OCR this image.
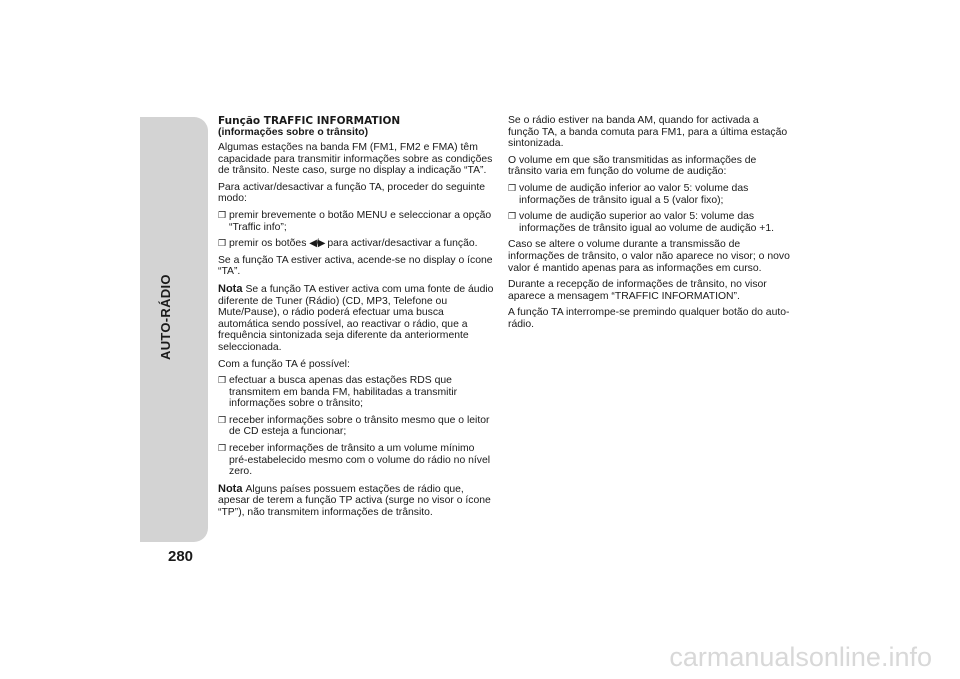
AUTO-RÁDIO
280
Função TRAFFIC INFORMATION
(informações sobre o trânsito)

Algumas estações na banda FM (FM1, FM2 e FMA) têm capacidade para transmitir informações sobre as condições de trânsito. Neste caso, surge no display a indicação “TA”.

Para activar/desactivar a função TA, proceder do seguinte modo:

❒ premir brevemente o botão MENU e seleccionar a opção “Traffic info”;
❒ premir os botões ◀/▶ para activar/desactivar a função.

Se a função TA estiver activa, acende-se no display o ícone “TA”.

Nota Se a função TA estiver activa com uma fonte de áudio diferente de Tuner (Rádio) (CD, MP3, Telefone ou Mute/Pause), o rádio poderá efectuar uma busca automática sendo possível, ao reactivar o rádio, que a frequência sintonizada seja diferente da anteriormente seleccionada.

Com a função TA é possível:

❒ efectuar a busca apenas das estações RDS que transmitem em banda FM, habilitadas a transmitir informações sobre o trânsito;
❒ receber informações sobre o trânsito mesmo que o leitor de CD esteja a funcionar;
❒ receber informações de trânsito a um volume mínimo pré-estabelecido mesmo com o volume do rádio no nível zero.

Nota Alguns países possuem estações de rádio que, apesar de terem a função TP activa (surge no visor o ícone “TP”), não transmitem informações de trânsito.

Se o rádio estiver na banda AM, quando for activada a função TA, a banda comuta para FM1, para a última estação sintonizada.

O volume em que são transmitidas as informações de trânsito varia em função do volume de audição:

❒ volume de audição inferior ao valor 5: volume das informações de trânsito igual a 5 (valor fixo);
❒ volume de audição superior ao valor 5: volume das informações de trânsito igual ao volume de audição +1.

Caso se altere o volume durante a transmissão de informações de trânsito, o valor não aparece no visor; o novo valor é mantido apenas para as informações em curso.

Durante a recepção de informações de trânsito, no visor aparece a mensagem “TRAFFIC INFORMATION”.

A função TA interrompe-se premindo qualquer botão do auto-rádio.

carmanualsonline.info
